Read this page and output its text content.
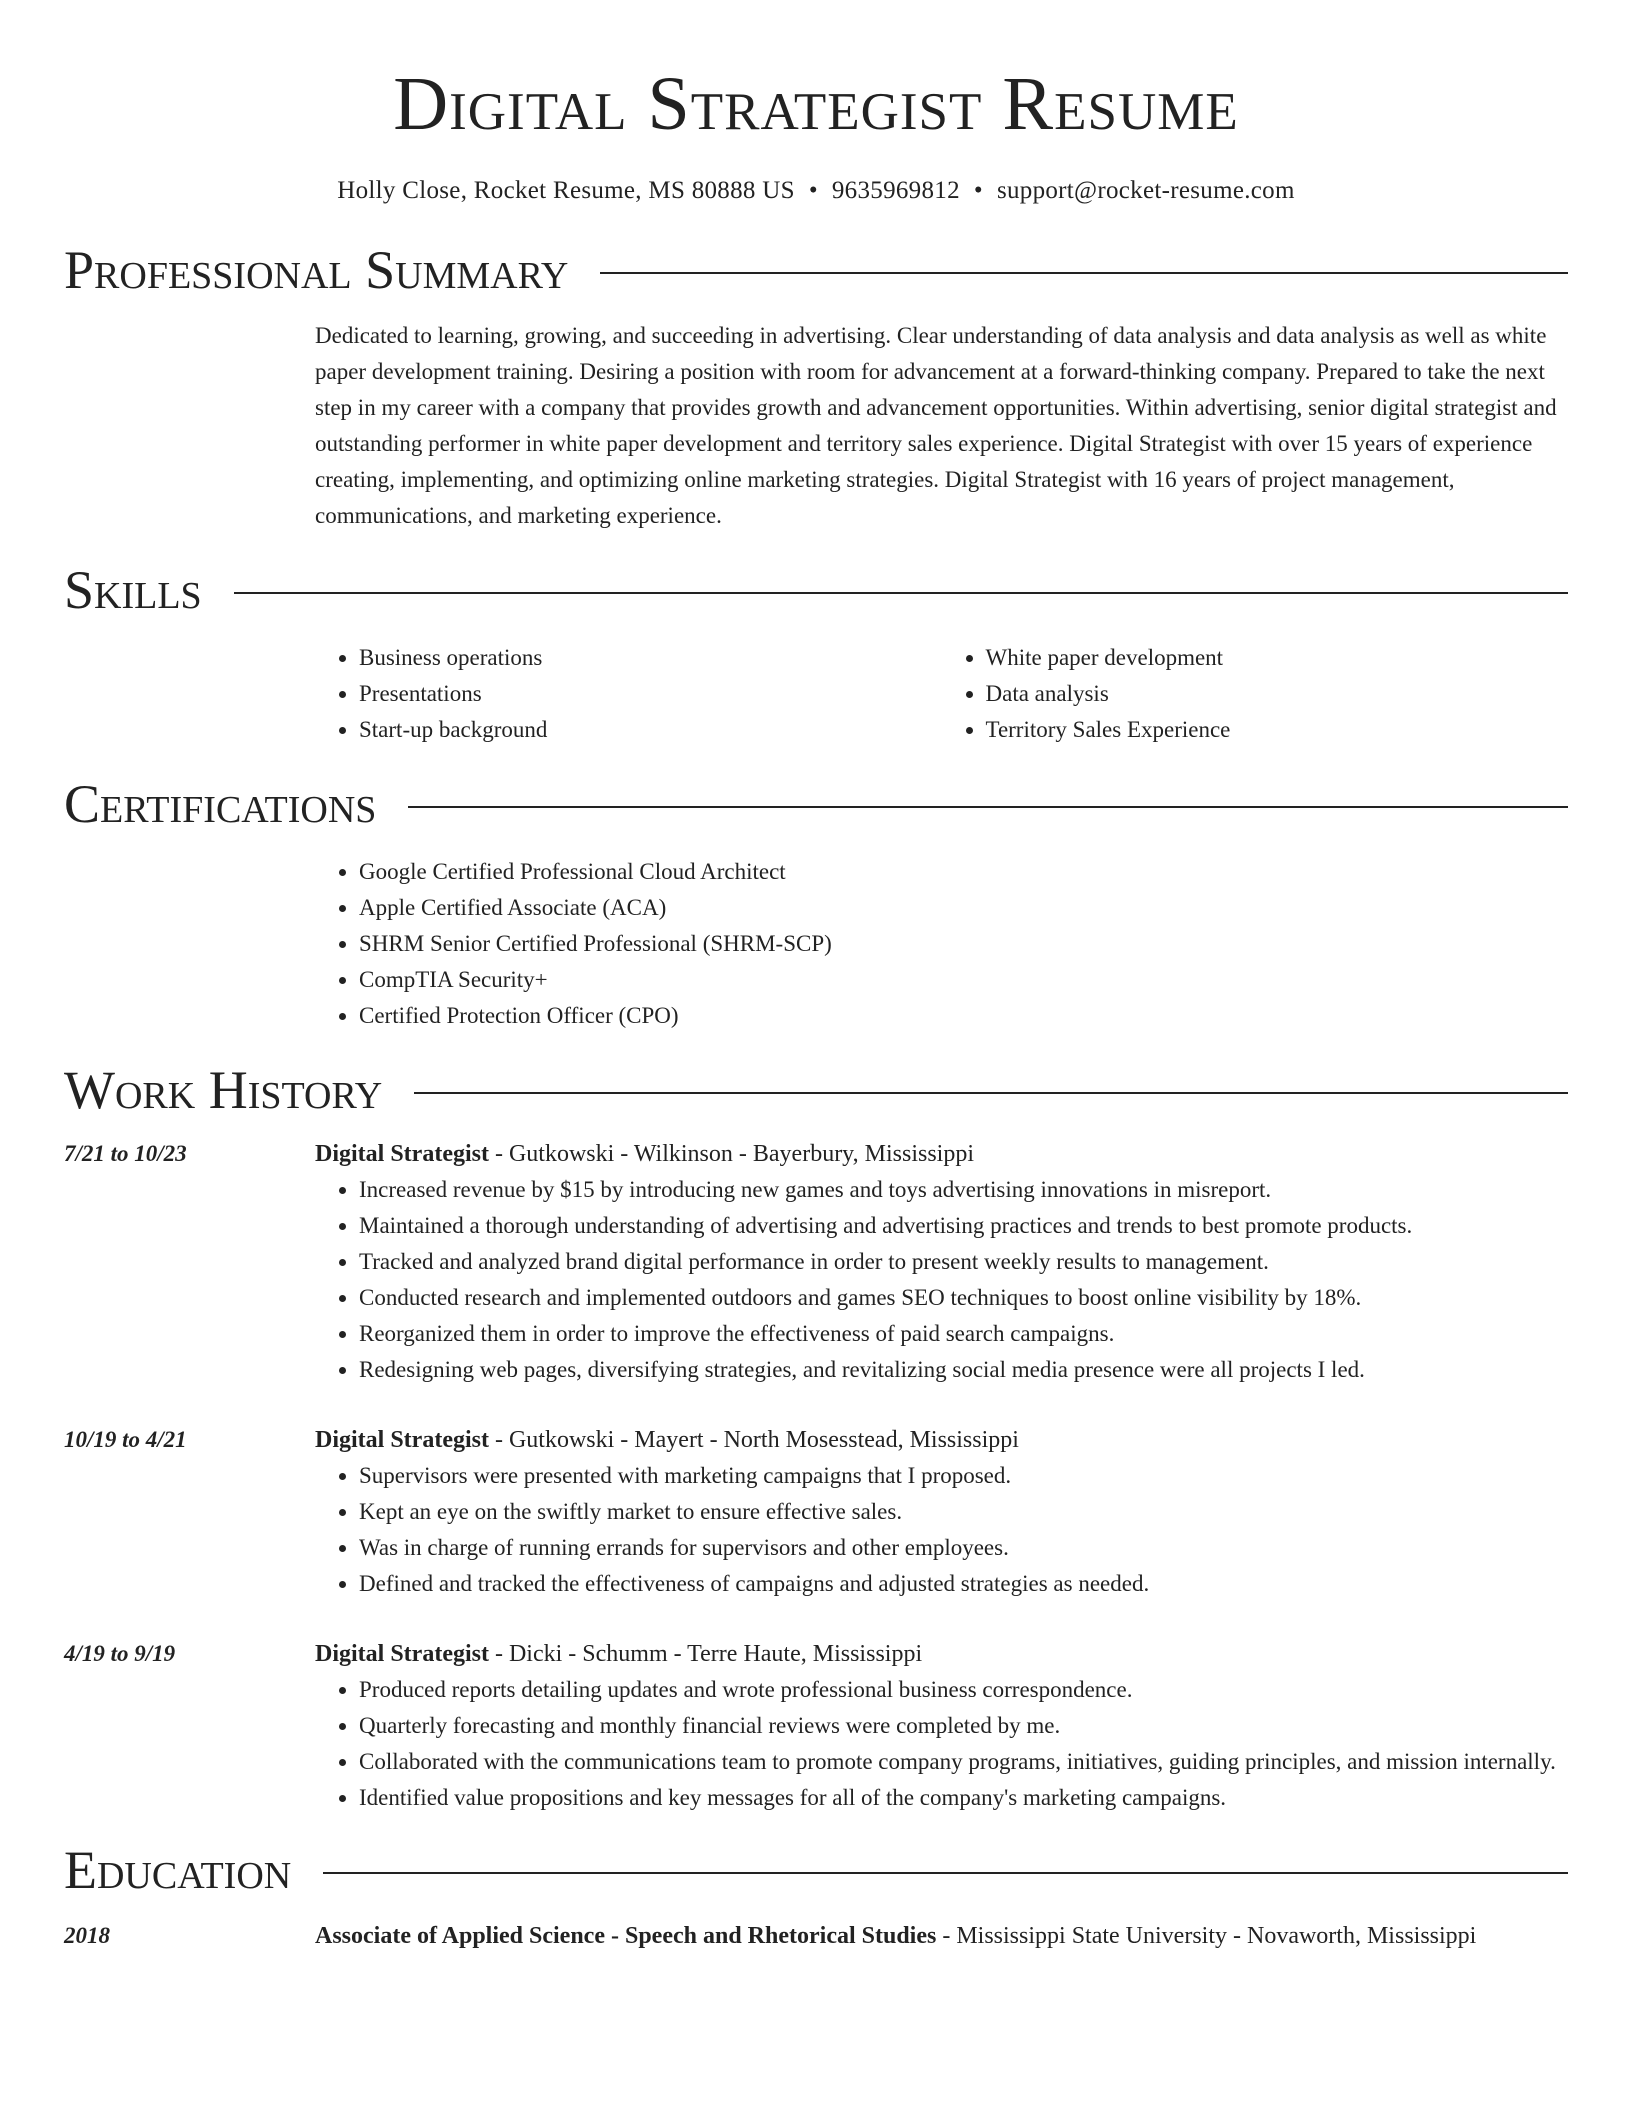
Digital Strategist Resume
Holly Close, Rocket Resume, MS 80888 US • 9635969812 • support@rocket-resume.com
Professional Summary
Dedicated to learning, growing, and succeeding in advertising. Clear understanding of data analysis and data analysis as well as white paper development training. Desiring a position with room for advancement at a forward-thinking company. Prepared to take the next step in my career with a company that provides growth and advancement opportunities. Within advertising, senior digital strategist and outstanding performer in white paper development and territory sales experience. Digital Strategist with over 15 years of experience creating, implementing, and optimizing online marketing strategies. Digital Strategist with 16 years of project management, communications, and marketing experience.
Skills
• Business operations
• Presentations
• Start-up background
• White paper development
• Data analysis
• Territory Sales Experience
Certifications
• Google Certified Professional Cloud Architect
• Apple Certified Associate (ACA)
• SHRM Senior Certified Professional (SHRM-SCP)
• CompTIA Security+
• Certified Protection Officer (CPO)
Work History
7/21 to 10/23	Digital Strategist - Gutkowski - Wilkinson - Bayerbury, Mississippi
• Increased revenue by $15 by introducing new games and toys advertising innovations in misreport.
• Maintained a thorough understanding of advertising and advertising practices and trends to best promote products.
• Tracked and analyzed brand digital performance in order to present weekly results to management.
• Conducted research and implemented outdoors and games SEO techniques to boost online visibility by 18%.
• Reorganized them in order to improve the effectiveness of paid search campaigns.
• Redesigning web pages, diversifying strategies, and revitalizing social media presence were all projects I led.
10/19 to 4/21	Digital Strategist - Gutkowski - Mayert - North Mosesstead, Mississippi
• Supervisors were presented with marketing campaigns that I proposed.
• Kept an eye on the swiftly market to ensure effective sales.
• Was in charge of running errands for supervisors and other employees.
• Defined and tracked the effectiveness of campaigns and adjusted strategies as needed.
4/19 to 9/19	Digital Strategist - Dicki - Schumm - Terre Haute, Mississippi
• Produced reports detailing updates and wrote professional business correspondence.
• Quarterly forecasting and monthly financial reviews were completed by me.
• Collaborated with the communications team to promote company programs, initiatives, guiding principles, and mission internally.
• Identified value propositions and key messages for all of the company's marketing campaigns.
Education
2018	Associate of Applied Science - Speech and Rhetorical Studies - Mississippi State University - Novaworth, Mississippi
